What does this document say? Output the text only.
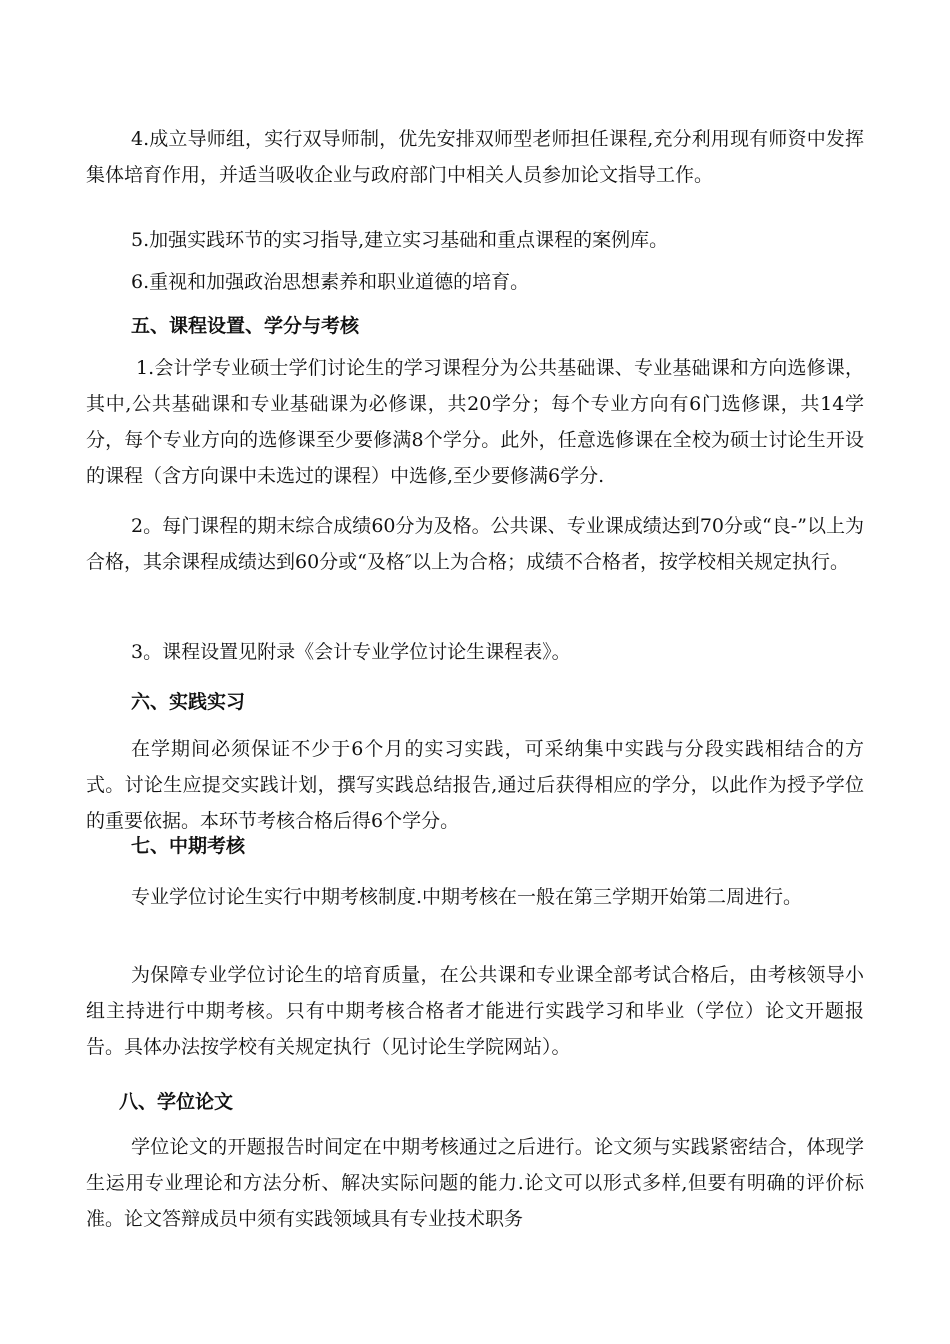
4.成立导师组，实行双导师制，优先安排双师型老师担任课程,充分利用现有师资中发挥集体培育作用，并适当吸收企业与政府部门中相关人员参加论文指导工作。

5.加强实践环节的实习指导,建立实习基础和重点课程的案例库。

6.重视和加强政治思想素养和职业道德的培育。

五、课程设置、学分与考核

1.会计学专业硕士学们讨论生的学习课程分为公共基础课、专业基础课和方向选修课，其中,公共基础课和专业基础课为必修课，共20学分；每个专业方向有6门选修课，共14学分，每个专业方向的选修课至少要修满8个学分。此外，任意选修课在全校为硕士讨论生开设的课程（含方向课中未选过的课程）中选修,至少要修满6学分.

2。每门课程的期末综合成绩60分为及格。公共课、专业课成绩达到70分或“良-”以上为合格，其余课程成绩达到60分或“及格″以上为合格；成绩不合格者，按学校相关规定执行。

3。课程设置见附录《会计专业学位讨论生课程表》。

六、实践实习

在学期间必须保证不少于6个月的实习实践，可采纳集中实践与分段实践相结合的方式。讨论生应提交实践计划，撰写实践总结报告,通过后获得相应的学分，以此作为授予学位的重要依据。本环节考核合格后得6个学分。

七、中期考核

专业学位讨论生实行中期考核制度.中期考核在一般在第三学期开始第二周进行。

为保障专业学位讨论生的培育质量，在公共课和专业课全部考试合格后，由考核领导小组主持进行中期考核。只有中期考核合格者才能进行实践学习和毕业（学位）论文开题报告。具体办法按学校有关规定执行（见讨论生学院网站）。

八、学位论文

学位论文的开题报告时间定在中期考核通过之后进行。论文须与实践紧密结合，体现学生运用专业理论和方法分析、解决实际问题的能力.论文可以形式多样,但要有明确的评价标准。论文答辩成员中须有实践领域具有专业技术职务
